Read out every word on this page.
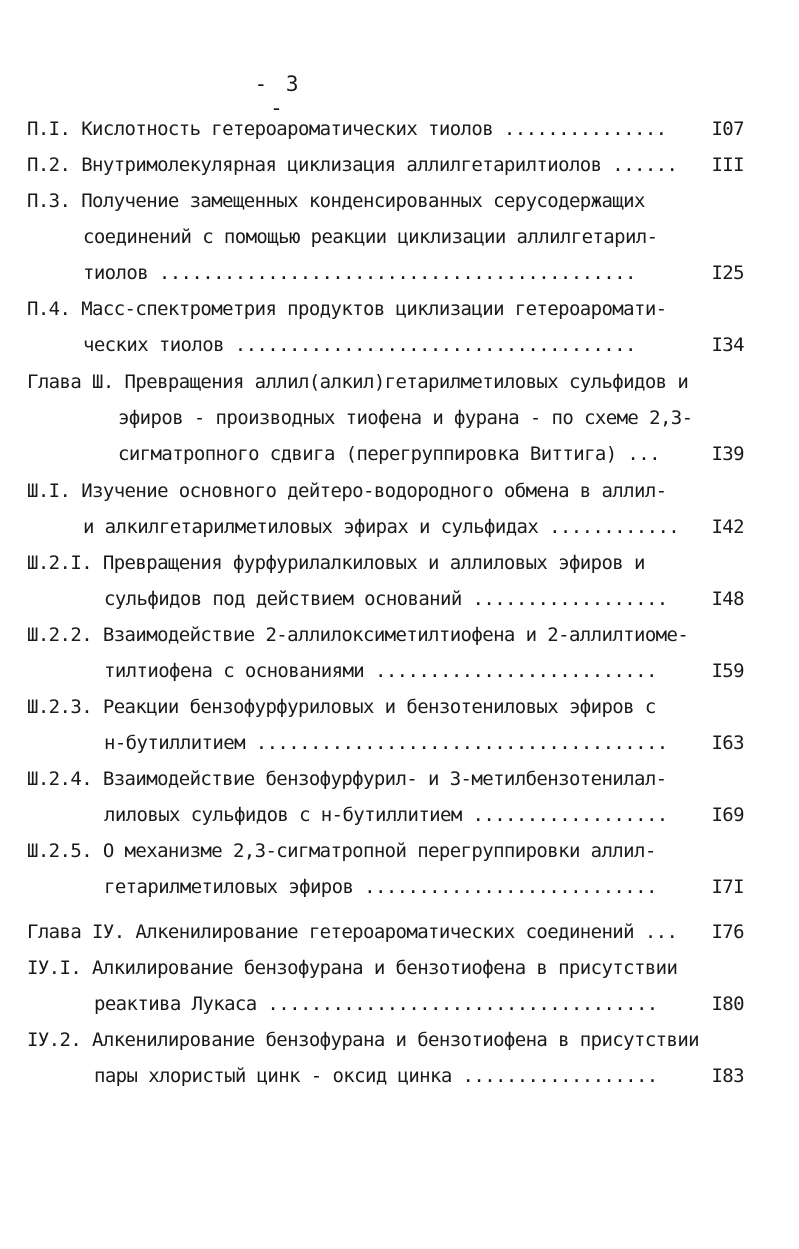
- 3 -
П.I. Кислотность гетероароматических тиолов ...............	I07
П.2. Внутримолекулярная циклизация аллилгетарилтиолов ......	III
П.3. Получение замещенных конденсированных серусодержащих
соединений с помощью реакции циклизации аллилгетарил-
тиолов ............................................	I25
П.4. Масс-спектрометрия продуктов циклизации гетероаромати-
ческих тиолов .....................................	I34
Глава Ш. Превращения аллил(алкил)гетарилметиловых сульфидов и
эфиров - производных тиофена и фурана - по схеме 2,3-
сигматропного сдвига (перегруппировка Виттига) ...	I39
Ш.I. Изучение основного дейтеро-водородного обмена в аллил-
и алкилгетарилметиловых эфирах и сульфидах ............	I42
Ш.2.I. Превращения фурфурилалкиловых и аллиловых эфиров и
сульфидов под действием оснований ..................	I48
Ш.2.2. Взаимодействие 2-аллилоксиметилтиофена и 2-аллилтиоме-
тилтиофена с основаниями ..........................	I59
Ш.2.3. Реакции бензофурфуриловых и бензотениловых эфиров с
н-бутиллитием ......................................	I63
Ш.2.4. Взаимодействие бензофурфурил- и 3-метилбензотенилал-
лиловых сульфидов с н-бутиллитием ..................	I69
Ш.2.5. О механизме 2,3-сигматропной перегруппировки аллил-
гетарилметиловых эфиров ...........................	I7I
Глава IУ. Алкенилирование гетероароматических соединений ...	I76
IУ.I. Алкилирование бензофурана и бензотиофена в присутствии
реактива Лукаса ....................................	I80
IУ.2. Алкенилирование бензофурана и бензотиофена в присутствии
пары хлористый цинк - оксид цинка ..................	I83
